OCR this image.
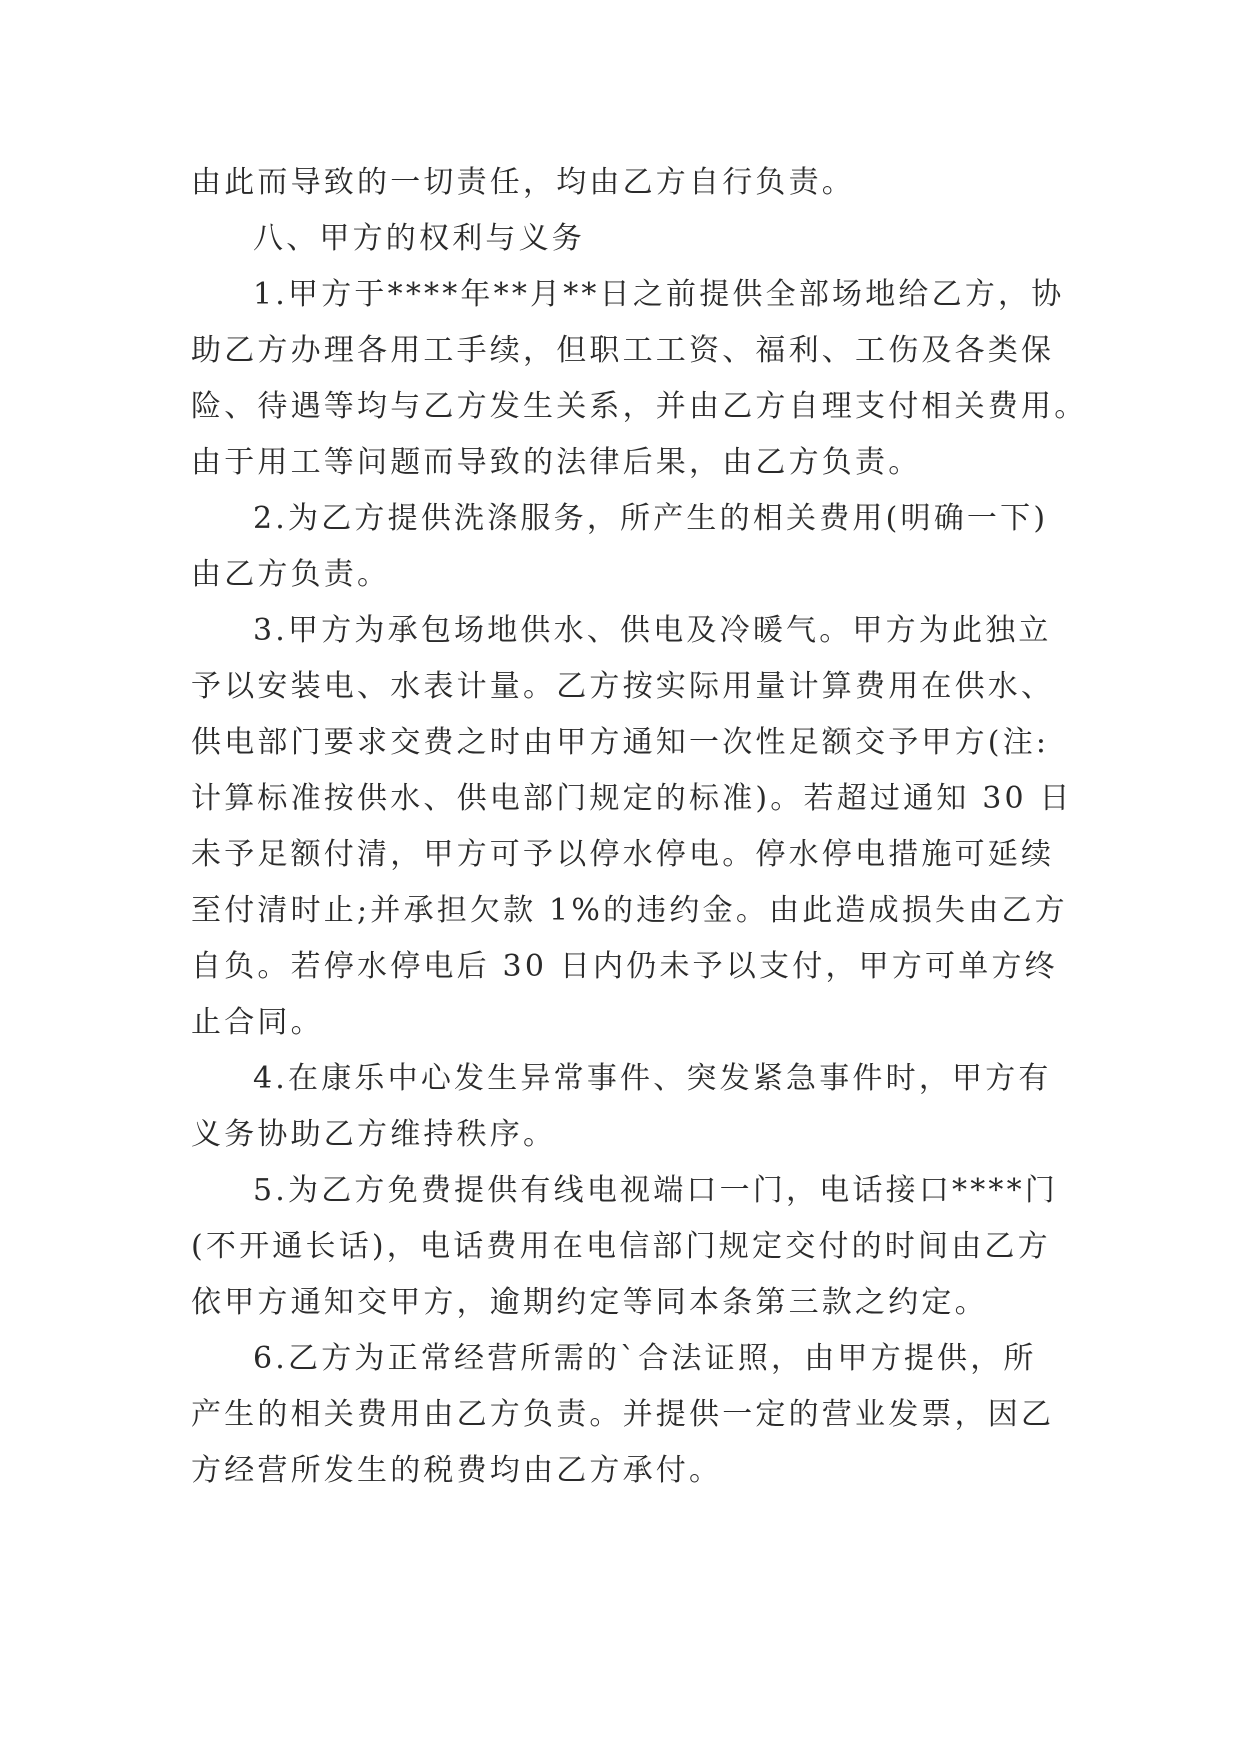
由此而导致的一切责任，均由乙方自行负责。
八、甲方的权利与义务
1.甲方于****年**月**日之前提供全部场地给乙方，协
助乙方办理各用工手续，但职工工资、福利、工伤及各类保
险、待遇等均与乙方发生关系，并由乙方自理支付相关费用。
由于用工等问题而导致的法律后果，由乙方负责。
2.为乙方提供洗涤服务，所产生的相关费用(明确一下)
由乙方负责。
3.甲方为承包场地供水、供电及冷暖气。甲方为此独立
予以安装电、水表计量。乙方按实际用量计算费用在供水、
供电部门要求交费之时由甲方通知一次性足额交予甲方(注:
计算标准按供水、供电部门规定的标准)。若超过通知 30 日
未予足额付清，甲方可予以停水停电。停水停电措施可延续
至付清时止;并承担欠款 1%的违约金。由此造成损失由乙方
自负。若停水停电后 30 日内仍未予以支付，甲方可单方终
止合同。
4.在康乐中心发生异常事件、突发紧急事件时，甲方有
义务协助乙方维持秩序。
5.为乙方免费提供有线电视端口一门，电话接口****门
(不开通长话)，电话费用在电信部门规定交付的时间由乙方
依甲方通知交甲方，逾期约定等同本条第三款之约定。
6.乙方为正常经营所需的`合法证照，由甲方提供，所
产生的相关费用由乙方负责。并提供一定的营业发票，因乙
方经营所发生的税费均由乙方承付。
